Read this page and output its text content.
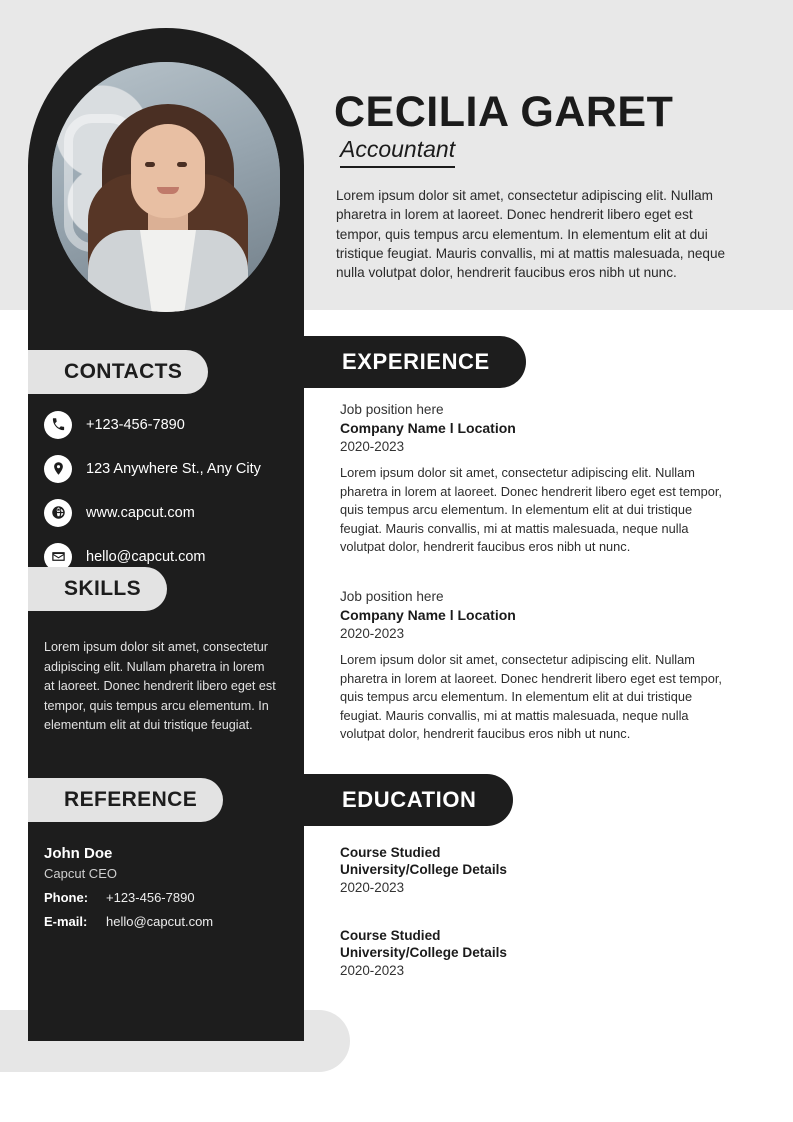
CONTACTS
+123-456-7890
123 Anywhere St., Any City
www.capcut.com
hello@capcut.com
SKILLS
Lorem ipsum dolor sit amet, consectetur adipiscing elit. Nullam pharetra in lorem at laoreet. Donec hendrerit libero eget est tempor, quis tempus arcu elementum. In elementum elit at dui tristique feugiat.
REFERENCE
John Doe
Capcut CEO
Phone:	+123-456-7890
E-mail:	hello@capcut.com
CECILIA GARET
Accountant
Lorem ipsum dolor sit amet, consectetur adipiscing elit. Nullam pharetra in lorem at laoreet. Donec hendrerit libero eget est tempor, quis tempus arcu elementum. In elementum elit at dui tristique feugiat. Mauris convallis, mi at mattis malesuada, neque nulla volutpat dolor, hendrerit faucibus eros nibh ut nunc.
EXPERIENCE
Job position here
Company Name l Location
2020-2023
Lorem ipsum dolor sit amet, consectetur adipiscing elit. Nullam pharetra in lorem at laoreet. Donec hendrerit libero eget est tempor, quis tempus arcu elementum. In elementum elit at dui tristique feugiat. Mauris convallis, mi at mattis malesuada, neque nulla volutpat dolor, hendrerit faucibus eros nibh ut nunc.
Job position here
Company Name l Location
2020-2023
Lorem ipsum dolor sit amet, consectetur adipiscing elit. Nullam pharetra in lorem at laoreet. Donec hendrerit libero eget est tempor, quis tempus arcu elementum. In elementum elit at dui tristique feugiat. Mauris convallis, mi at mattis malesuada, neque nulla volutpat dolor, hendrerit faucibus eros nibh ut nunc.
EDUCATION
Course Studied
University/College Details
2020-2023
Course Studied
University/College Details
2020-2023
